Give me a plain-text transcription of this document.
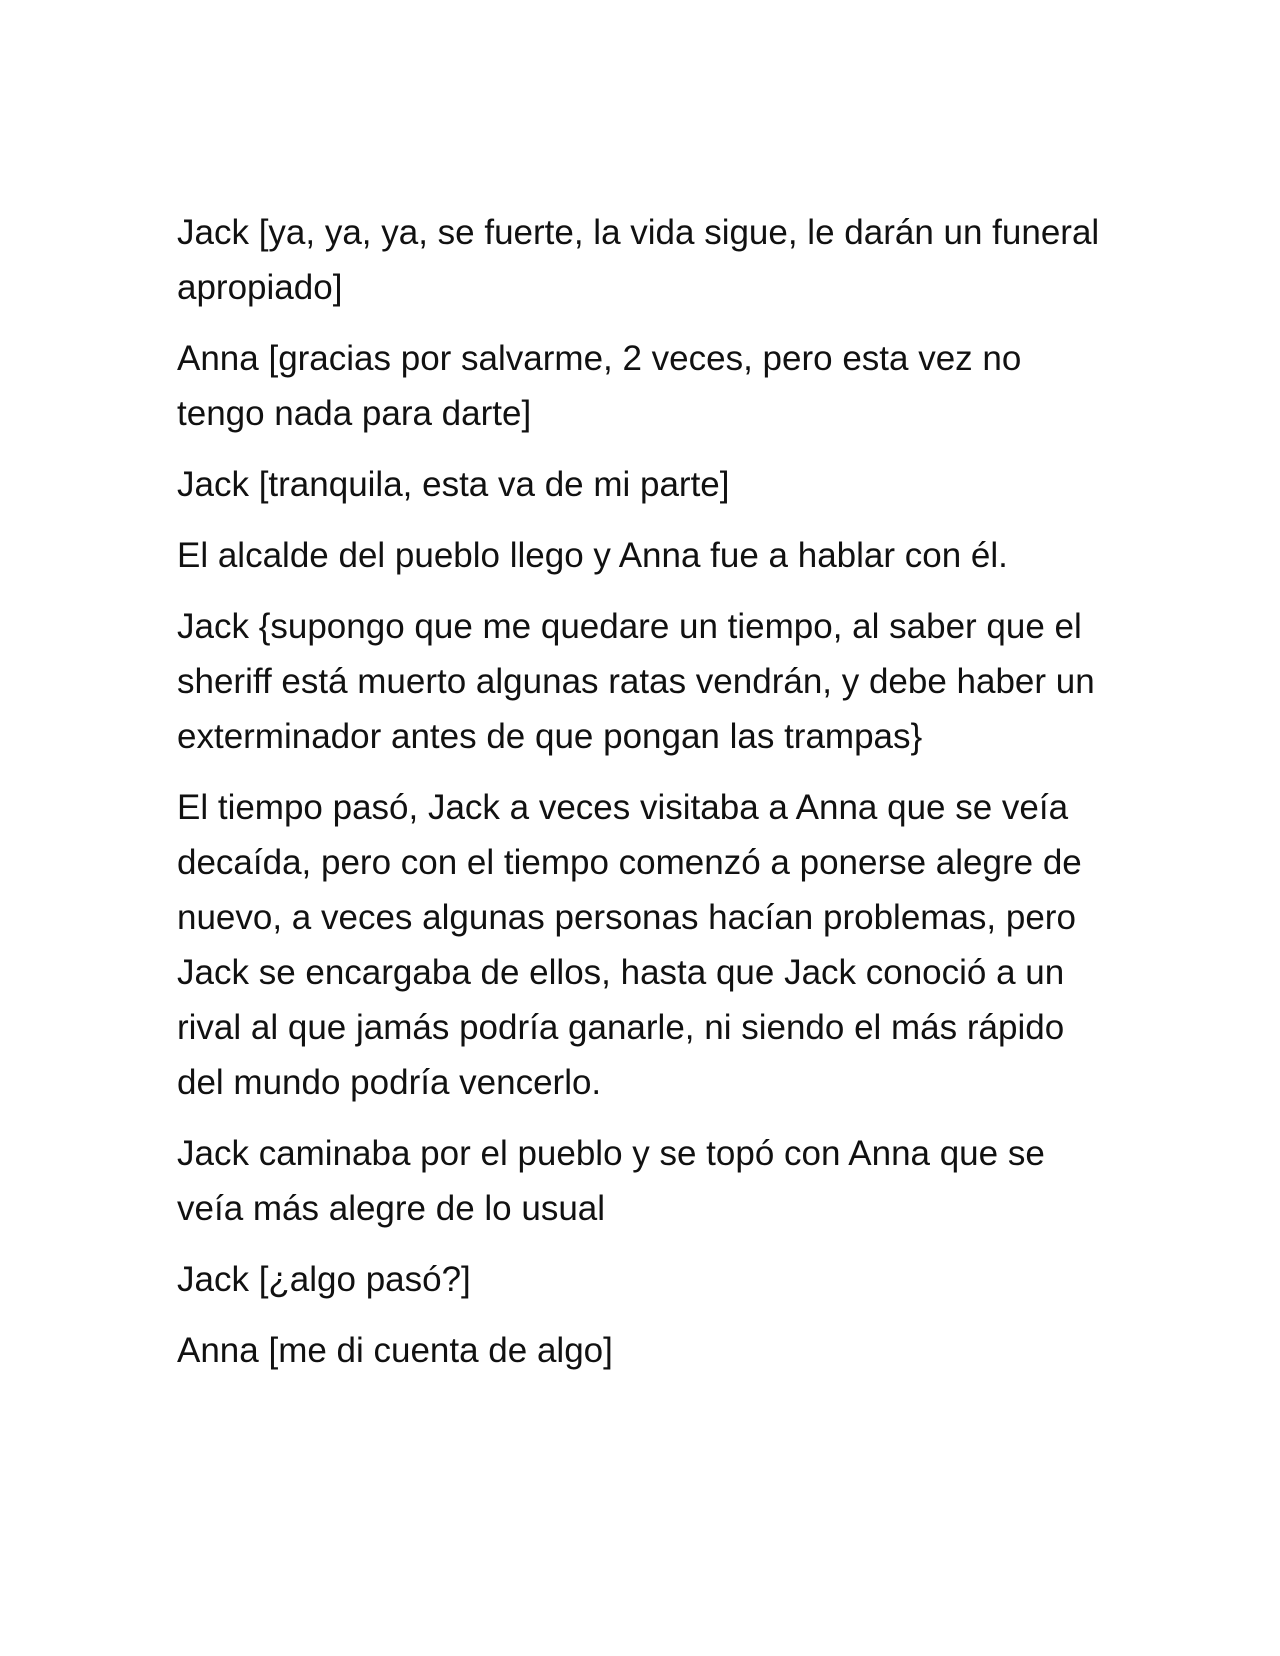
Jack [ya, ya, ya, se fuerte, la vida sigue, le darán un funeral apropiado]

Anna [gracias por salvarme, 2 veces, pero esta vez no tengo nada para darte]

Jack [tranquila, esta va de mi parte]

El alcalde del pueblo llego y Anna fue a hablar con él.

Jack {supongo que me quedare un tiempo, al saber que el sheriff está muerto algunas ratas vendrán, y debe haber un exterminador antes de que pongan las trampas}

El tiempo pasó, Jack a veces visitaba a Anna que se veía decaída, pero con el tiempo comenzó a ponerse alegre de nuevo, a veces algunas personas hacían problemas, pero Jack se encargaba de ellos, hasta que Jack conoció a un rival al que jamás podría ganarle, ni siendo el más rápido del mundo podría vencerlo.

Jack caminaba por el pueblo y se topó con Anna que se veía más alegre de lo usual

Jack [¿algo pasó?]

Anna [me di cuenta de algo]
